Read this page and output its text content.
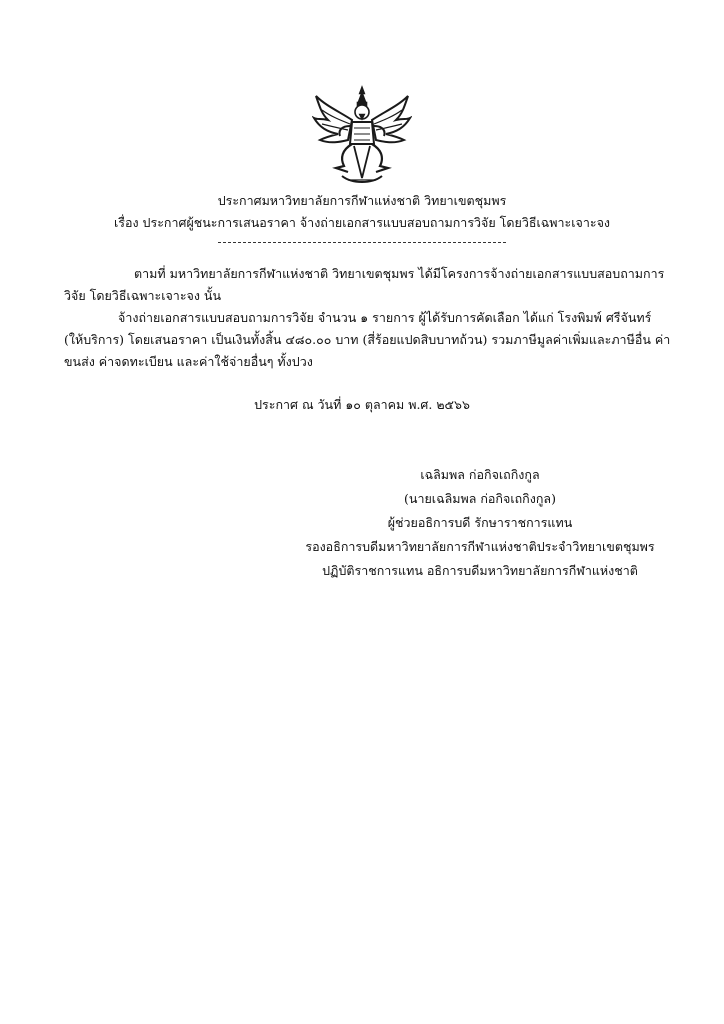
ประกาศมหาวิทยาลัยการกีฬาแห่งชาติ วิทยาเขตชุมพร
เรื่อง ประกาศผู้ชนะการเสนอราคา จ้างถ่ายเอกสารแบบสอบถามการวิจัย โดยวิธีเฉพาะเจาะจง
ตามที่ มหาวิทยาลัยการกีฬาแห่งชาติ วิทยาเขตชุมพร ได้มีโครงการจ้างถ่ายเอกสารแบบสอบถามการ
วิจัย โดยวิธีเฉพาะเจาะจง นั้น
จ้างถ่ายเอกสารแบบสอบถามการวิจัย จำนวน ๑ รายการ ผู้ได้รับการคัดเลือก ได้แก่ โรงพิมพ์ ศรีจันทร์
(ให้บริการ) โดยเสนอราคา เป็นเงินทั้งสิ้น ๔๘๐.๐๐ บาท (สี่ร้อยแปดสิบบาทถ้วน) รวมภาษีมูลค่าเพิ่มและภาษีอื่น ค่า
ขนส่ง ค่าจดทะเบียน และค่าใช้จ่ายอื่นๆ ทั้งปวง
ประกาศ ณ วันที่ ๑๐ ตุลาคม พ.ศ. ๒๕๖๖
เฉลิมพล ก่อกิจเถกิงกูล
(นายเฉลิมพล ก่อกิจเถกิงกูล)
ผู้ช่วยอธิการบดี รักษาราชการแทน
รองอธิการบดีมหาวิทยาลัยการกีฬาแห่งชาติประจำวิทยาเขตชุมพร
ปฏิบัติราชการแทน อธิการบดีมหาวิทยาลัยการกีฬาแห่งชาติ
